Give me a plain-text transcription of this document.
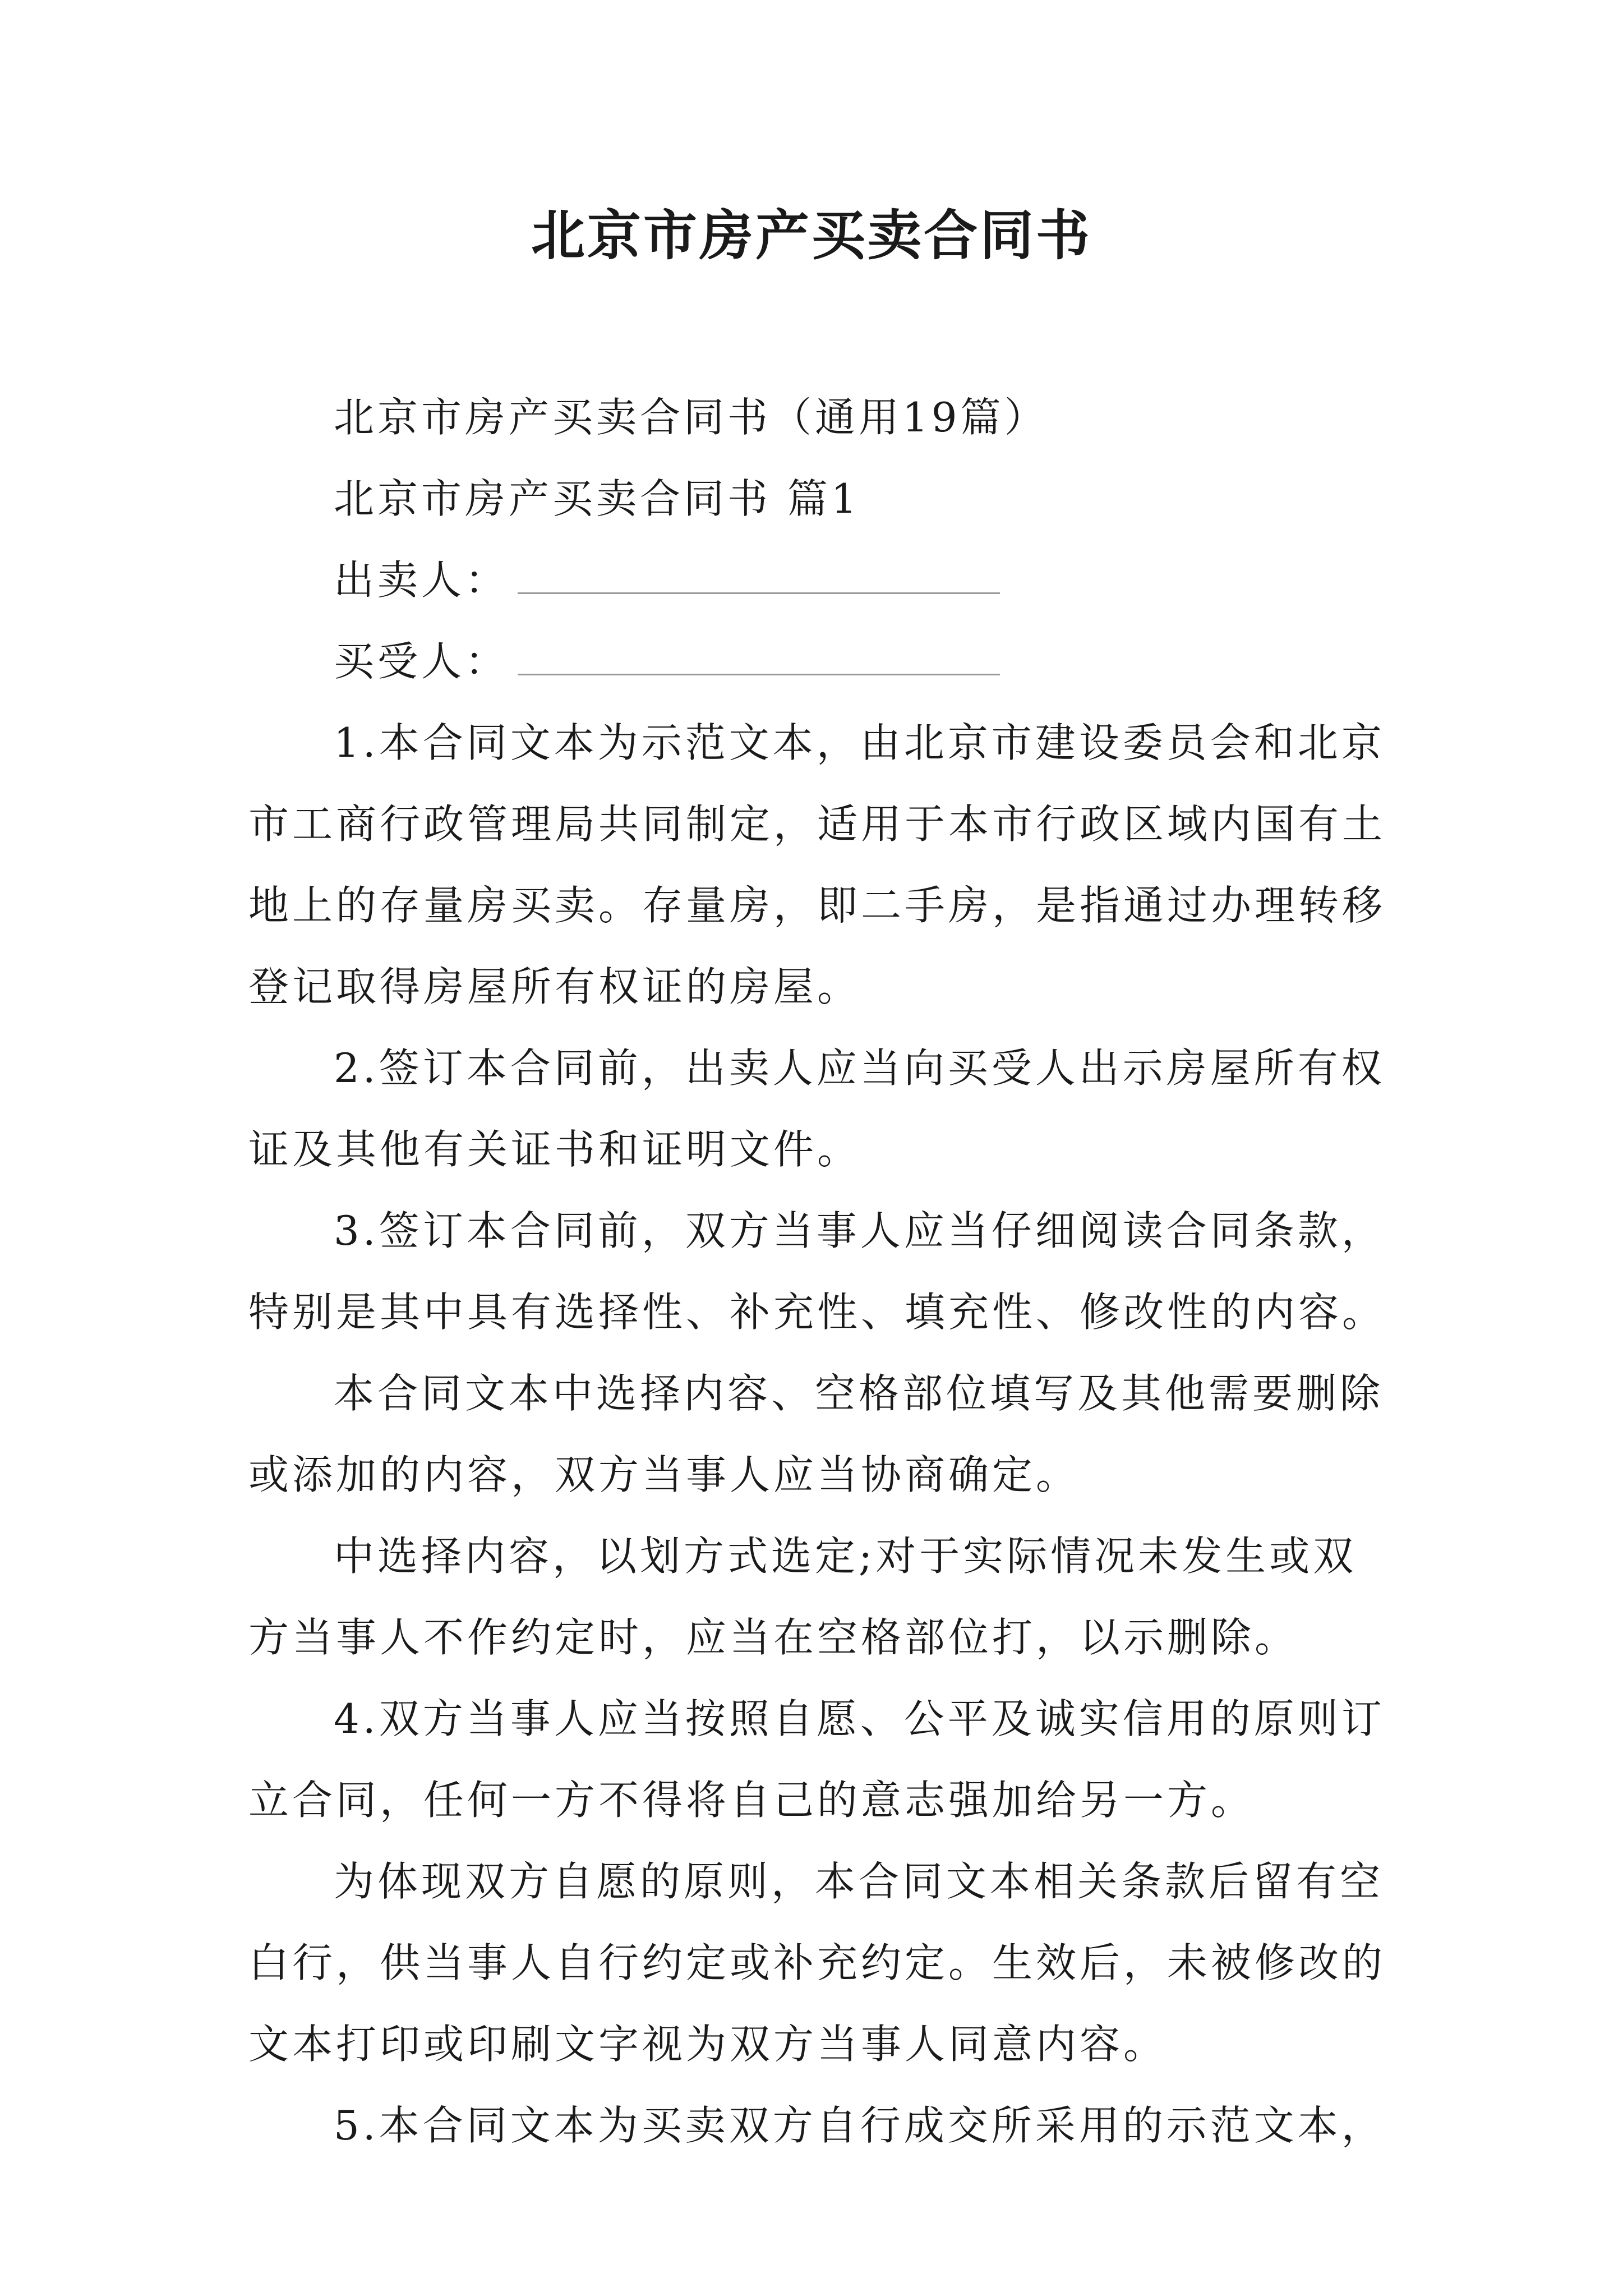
北京市房产买卖合同书
北京市房产买卖合同书（通用19篇）
北京市房产买卖合同书 篇1
出卖人：
买受人：
1.本合同文本为示范文本，由北京市建设委员会和北京
市工商行政管理局共同制定，适用于本市行政区域内国有土
地上的存量房买卖。存量房，即二手房，是指通过办理转移
登记取得房屋所有权证的房屋。
2.签订本合同前，出卖人应当向买受人出示房屋所有权
证及其他有关证书和证明文件。
3.签订本合同前，双方当事人应当仔细阅读合同条款，
特别是其中具有选择性、补充性、填充性、修改性的内容。
本合同文本中选择内容、空格部位填写及其他需要删除
或添加的内容，双方当事人应当协商确定。
中选择内容，以划方式选定;对于实际情况未发生或双
方当事人不作约定时，应当在空格部位打，以示删除。
4.双方当事人应当按照自愿、公平及诚实信用的原则订
立合同，任何一方不得将自己的意志强加给另一方。
为体现双方自愿的原则，本合同文本相关条款后留有空
白行，供当事人自行约定或补充约定。生效后，未被修改的
文本打印或印刷文字视为双方当事人同意内容。
5.本合同文本为买卖双方自行成交所采用的示范文本，
